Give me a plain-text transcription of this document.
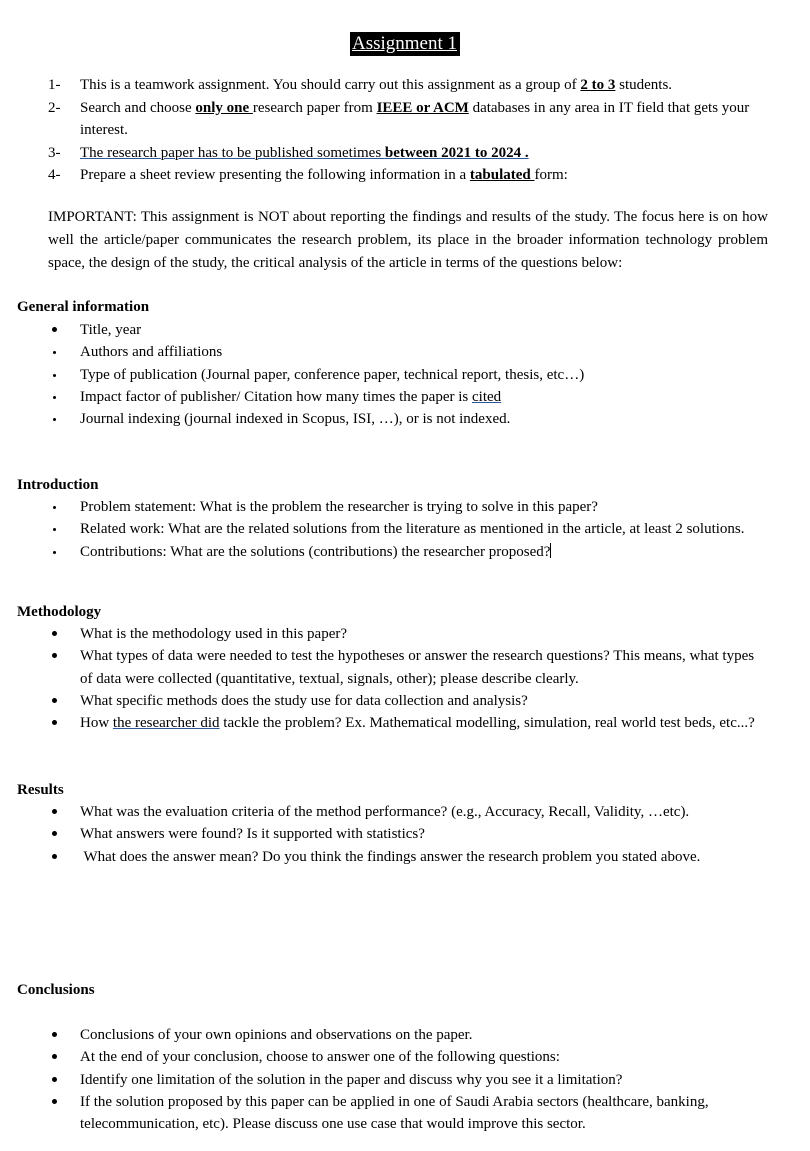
Assignment 1
1- This is a teamwork assignment. You should carry out this assignment as a group of 2 to 3 students.
2- Search and choose only one research paper from IEEE or ACM databases in any area in IT field that gets your interest.
3- The research paper has to be published sometimes between 2021 to 2024 .
4- Prepare a sheet review presenting the following information in a tabulated form:
IMPORTANT: This assignment is NOT about reporting the findings and results of the study. The focus here is on how well the article/paper communicates the research problem, its place in the broader information technology problem space, the design of the study, the critical analysis of the article in terms of the questions below:
General information
Title, year
Authors and affiliations
Type of publication (Journal paper, conference paper, technical report, thesis, etc…)
Impact factor of publisher/ Citation how many times the paper is cited
Journal indexing (journal indexed in Scopus, ISI, …), or is not indexed.
Introduction
Problem statement: What is the problem the researcher is trying to solve in this paper?
Related work: What are the related solutions from the literature as mentioned in the article, at least 2 solutions.
Contributions: What are the solutions (contributions) the researcher proposed?
Methodology
What is the methodology used in this paper?
What types of data were needed to test the hypotheses or answer the research questions? This means, what types of data were collected (quantitative, textual, signals, other); please describe clearly.
What specific methods does the study use for data collection and analysis?
How the researcher did tackle the problem? Ex. Mathematical modelling, simulation, real world test beds, etc...?
Results
What was the evaluation criteria of the method performance? (e.g., Accuracy, Recall, Validity, …etc).
What answers were found? Is it supported with statistics?
What does the answer mean? Do you think the findings answer the research problem you stated above.
Conclusions
Conclusions of your own opinions and observations on the paper.
At the end of your conclusion, choose to answer one of the following questions:
Identify one limitation of the solution in the paper and discuss why you see it a limitation?
If the solution proposed by this paper can be applied in one of Saudi Arabia sectors (healthcare, banking, telecommunication, etc). Please discuss one use case that would improve this sector.
